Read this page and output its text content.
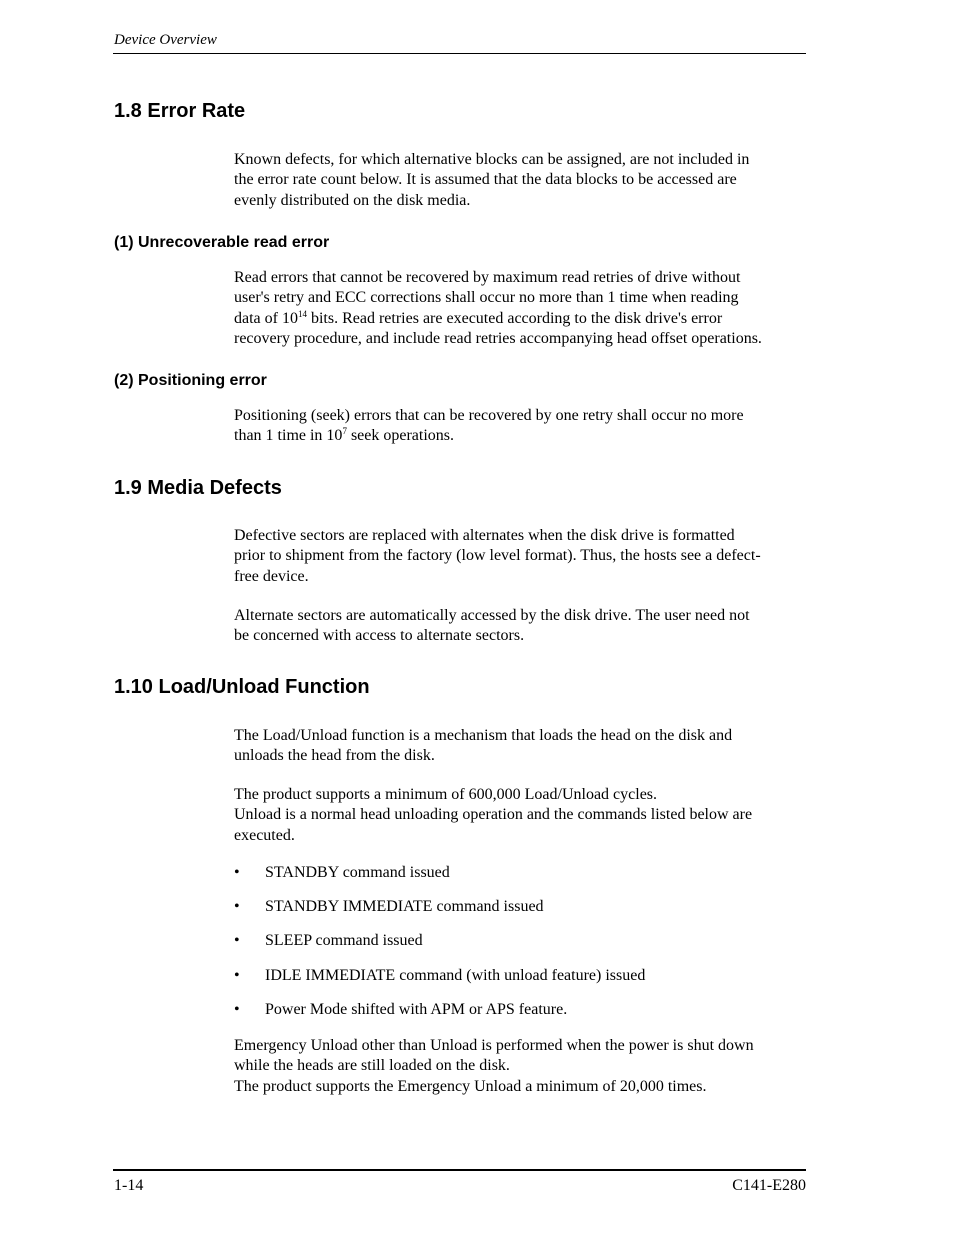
Device Overview
1.8 Error Rate

Known defects, for which alternative blocks can be assigned, are not included in
the error rate count below. It is assumed that the data blocks to be accessed are
evenly distributed on the disk media.

(1) Unrecoverable read error

Read errors that cannot be recovered by maximum read retries of drive without
user's retry and ECC corrections shall occur no more than 1 time when reading
data of $10^{14}$ bits. Read retries are executed according to the disk drive's error
recovery procedure, and include read retries accompanying head offset operations.

(2) Positioning error

Positioning (seek) errors that can be recovered by one retry shall occur no more
than 1 time in $10^7$ seek operations.

1.9 Media Defects

Defective sectors are replaced with alternates when the disk drive is formatted
prior to shipment from the factory (low level format). Thus, the hosts see a defect-
free device.

Alternate sectors are automatically accessed by the disk drive. The user need not
be concerned with access to alternate sectors.

1.10 Load/Unload Function

The Load/Unload function is a mechanism that loads the head on the disk and
unloads the head from the disk.

The product supports a minimum of 600,000 Load/Unload cycles.
Unload is a normal head unloading operation and the commands listed below are
executed.

• STANDBY command issued
• STANDBY IMMEDIATE command issued
• SLEEP command issued
• IDLE IMMEDIATE command (with unload feature) issued
• Power Mode shifted with APM or APS feature.

Emergency Unload other than Unload is performed when the power is shut down
while the heads are still loaded on the disk.
The product supports the Emergency Unload a minimum of 20,000 times.

1-14	C141-E280
